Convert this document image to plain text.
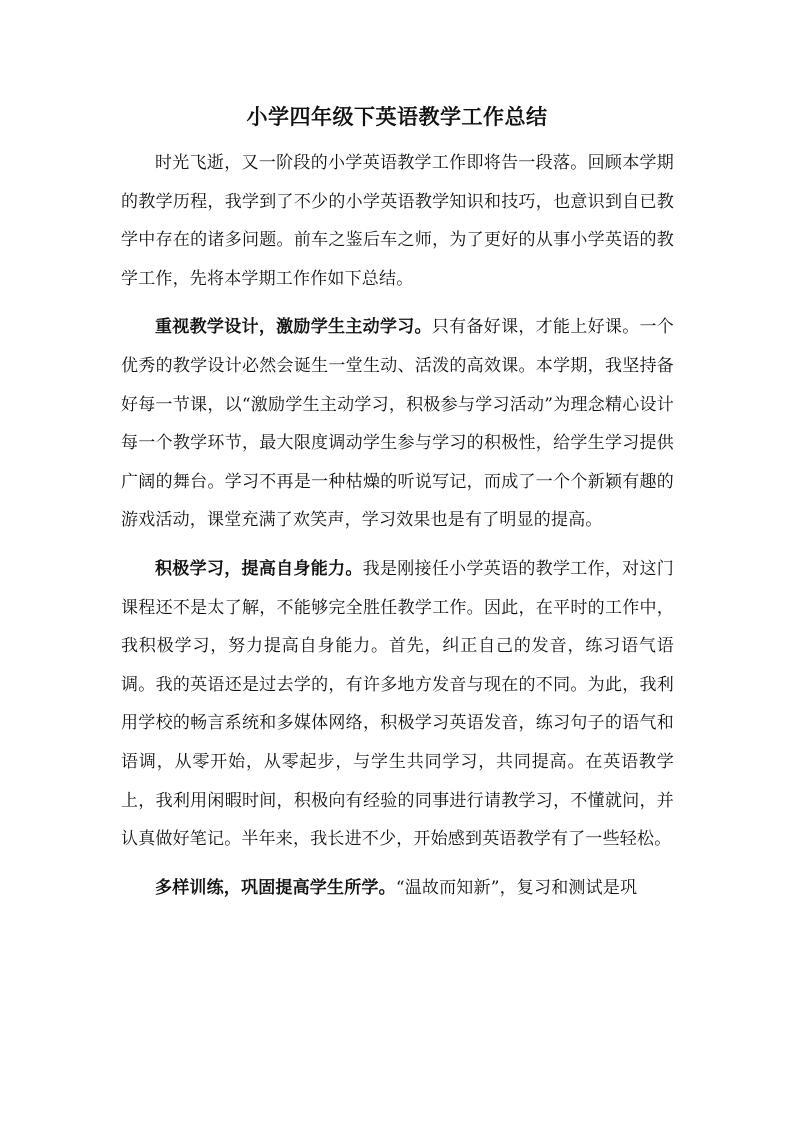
小学四年级下英语教学工作总结

时光飞逝，又一阶段的小学英语教学工作即将告一段落。回顾本学期的教学历程，我学到了不少的小学英语教学知识和技巧，也意识到自已教学中存在的诸多问题。前车之鉴后车之师，为了更好的从事小学英语的教学工作，先将本学期工作作如下总结。

重视教学设计，激励学生主动学习。只有备好课，才能上好课。一个优秀的教学设计必然会诞生一堂生动、活泼的高效课。本学期，我坚持备好每一节课，以“激励学生主动学习，积极参与学习活动”为理念精心设计每一个教学环节，最大限度调动学生参与学习的积极性，给学生学习提供广阔的舞台。学习不再是一种枯燥的听说写记，而成了一个个新颖有趣的游戏活动，课堂充满了欢笑声，学习效果也是有了明显的提高。

积极学习，提高自身能力。我是刚接任小学英语的教学工作，对这门课程还不是太了解，不能够完全胜任教学工作。因此，在平时的工作中，我积极学习，努力提高自身能力。首先，纠正自己的发音，练习语气语调。我的英语还是过去学的，有许多地方发音与现在的不同。为此，我利用学校的畅言系统和多媒体网络，积极学习英语发音，练习句子的语气和语调，从零开始，从零起步，与学生共同学习，共同提高。在英语教学上，我利用闲暇时间，积极向有经验的同事进行请教学习，不懂就问，并认真做好笔记。半年来，我长进不少，开始感到英语教学有了一些轻松。

多样训练，巩固提高学生所学。“温故而知新”，复习和测试是巩
